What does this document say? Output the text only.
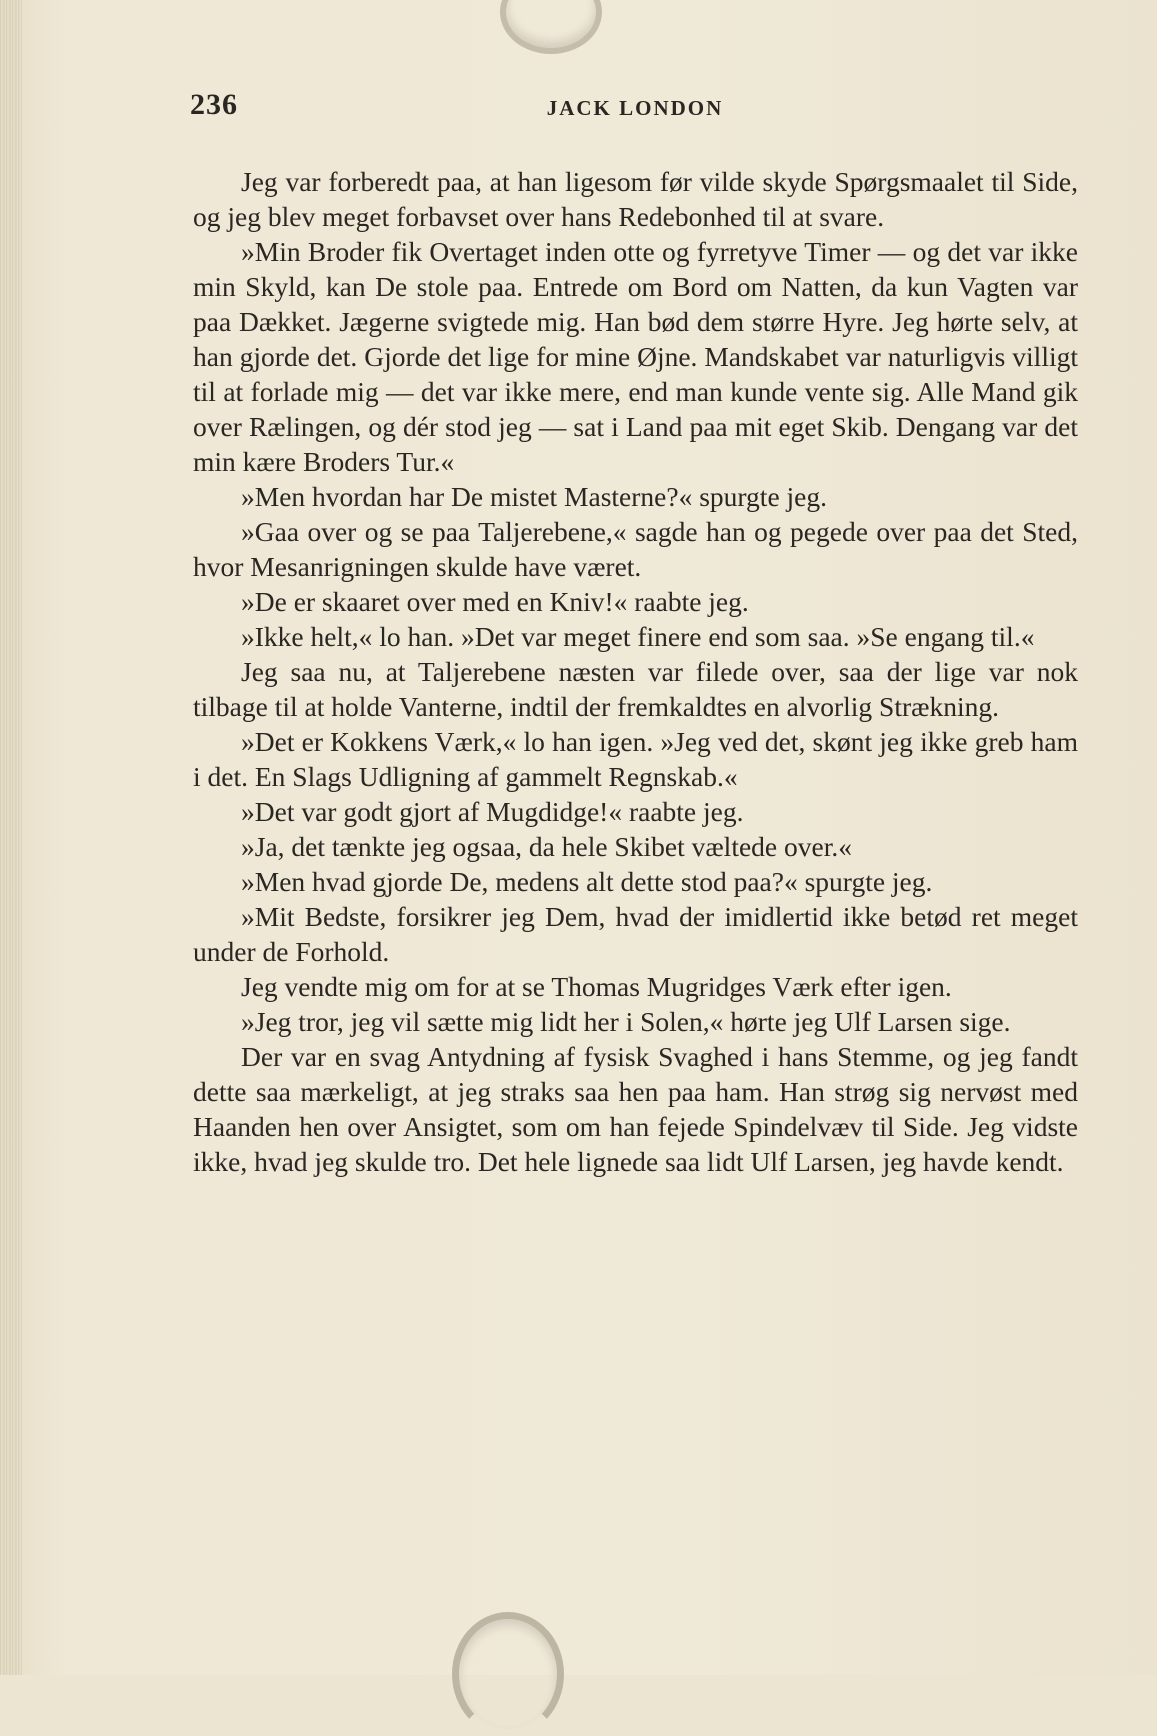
236	JACK LONDON

Jeg var forberedt paa, at han ligesom før vilde skyde Spørgsmaalet til Side, og jeg blev meget forbavset over hans Redebonhed til at svare.

»Min Broder fik Overtaget inden otte og fyrretyve Timer — og det var ikke min Skyld, kan De stole paa. Entrede om Bord om Natten, da kun Vagten var paa Dækket. Jægerne svigtede mig. Han bød dem større Hyre. Jeg hørte selv, at han gjorde det. Gjorde det lige for mine Øjne. Mandskabet var naturligvis villigt til at forlade mig — det var ikke mere, end man kunde vente sig. Alle Mand gik over Rælingen, og dér stod jeg — sat i Land paa mit eget Skib. Dengang var det min kære Broders Tur.«

»Men hvordan har De mistet Masterne?« spurgte jeg.

»Gaa over og se paa Taljerebene,« sagde han og pegede over paa det Sted, hvor Mesanrigningen skulde have været.

»De er skaaret over med en Kniv!« raabte jeg.

»Ikke helt,« lo han. »Det var meget finere end som saa. »Se engang til.«

Jeg saa nu, at Taljerebene næsten var filede over, saa der lige var nok tilbage til at holde Vanterne, indtil der fremkaldtes en alvorlig Strækning.

»Det er Kokkens Værk,« lo han igen. »Jeg ved det, skønt jeg ikke greb ham i det. En Slags Udligning af gammelt Regnskab.«

»Det var godt gjort af Mugdidge!« raabte jeg.

»Ja, det tænkte jeg ogsaa, da hele Skibet væltede over.«

»Men hvad gjorde De, medens alt dette stod paa?« spurgte jeg.

»Mit Bedste, forsikrer jeg Dem, hvad der imidlertid ikke betød ret meget under de Forhold.

Jeg vendte mig om for at se Thomas Mugridges Værk efter igen.

»Jeg tror, jeg vil sætte mig lidt her i Solen,« hørte jeg Ulf Larsen sige.

Der var en svag Antydning af fysisk Svaghed i hans Stemme, og jeg fandt dette saa mærkeligt, at jeg straks saa hen paa ham. Han strøg sig nervøst med Haanden hen over Ansigtet, som om han fejede Spindelvæv til Side. Jeg vidste ikke, hvad jeg skulde tro. Det hele lignede saa lidt Ulf Larsen, jeg havde kendt.
